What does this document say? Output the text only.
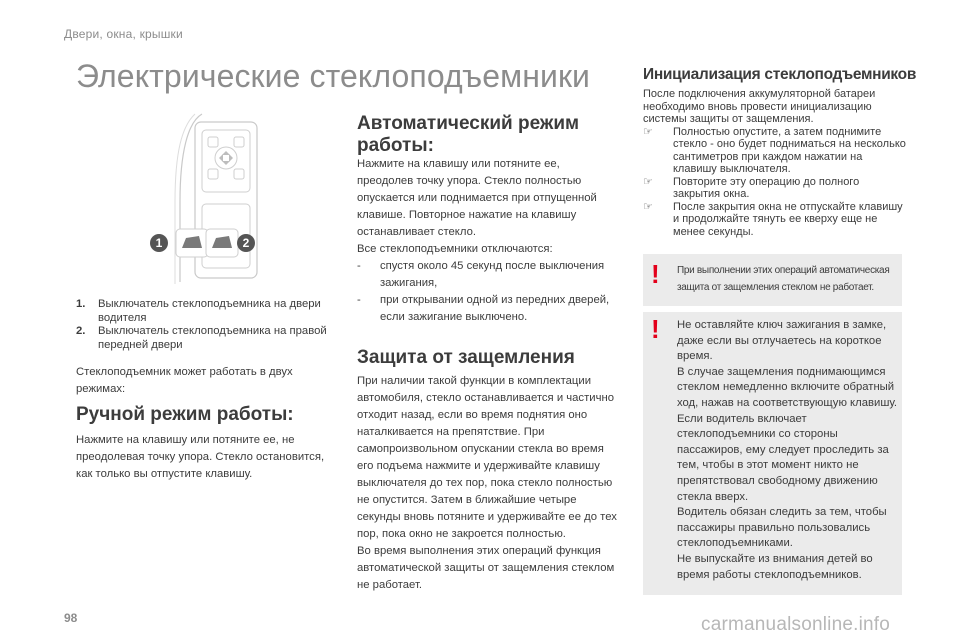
Двери, окна, крышки
Электрические стеклоподъемники
1	2
1.	Выключатель стеклоподъемника на двери водителя
2.	Выключатель стеклоподъемника на правой передней двери

Стеклоподъемник может работать в двух режимах:

Ручной режим работы:

Нажмите на клавишу или потяните ее, не преодолевая точку упора. Стекло остановится, как только вы отпустите клавишу.

Автоматический режим работы:

Нажмите на клавишу или потяните ее, преодолев точку упора. Стекло полностью опускается или поднимается при отпущенной клавише. Повторное нажатие на клавишу останавливает стекло.

Все стеклоподъемники отключаются:

-	спустя около 45 секунд после выключения зажигания,
-	при открывании одной из передних дверей, если зажигание выключено.
Защита от защемления

При наличии такой функции в комплектации автомобиля, стекло останавливается и частично отходит назад, если во время поднятия оно наталкивается на препятствие. При самопроизвольном опускании стекла во время его подъема нажмите и удерживайте клавишу выключателя до тех пор, пока стекло полностью не опустится. Затем в ближайшие четыре секунды вновь потяните и удерживайте ее до тех пор, пока окно не закроется полностью.

Во время выполнения этих операций функция автоматической защиты от защемления стеклом не работает.

Инициализация стеклоподъемников

После подключения аккумуляторной батареи необходимо вновь провести инициализацию системы защиты от защемления.

☞	Полностью опустите, а затем поднимите стекло - оно будет подниматься на несколько сантиметров при каждом нажатии на клавишу выключателя.
☞	Повторите эту операцию до полного закрытия окна.
☞	После закрытия окна не отпускайте клавишу и продолжайте тянуть ее кверху еще не менее секунды.
! При выполнении этих операций автоматическая защита от защемления стеклом не работает.
! Не оставляйте ключ зажигания в замке, даже если вы отлучаетесь на короткое время.

В случае защемления поднимающимся стеклом немедленно включите обратный ход, нажав на соответствующую клавишу.

Если водитель включает стеклоподъемники со стороны пассажиров, ему следует проследить за тем, чтобы в этот момент никто не препятствовал свободному движению стекла вверх.

Водитель обязан следить за тем, чтобы пассажиры правильно пользовались стеклоподъемниками.

Не выпускайте из внимания детей во время работы стеклоподъемников.

98	carmanualsonline.info
